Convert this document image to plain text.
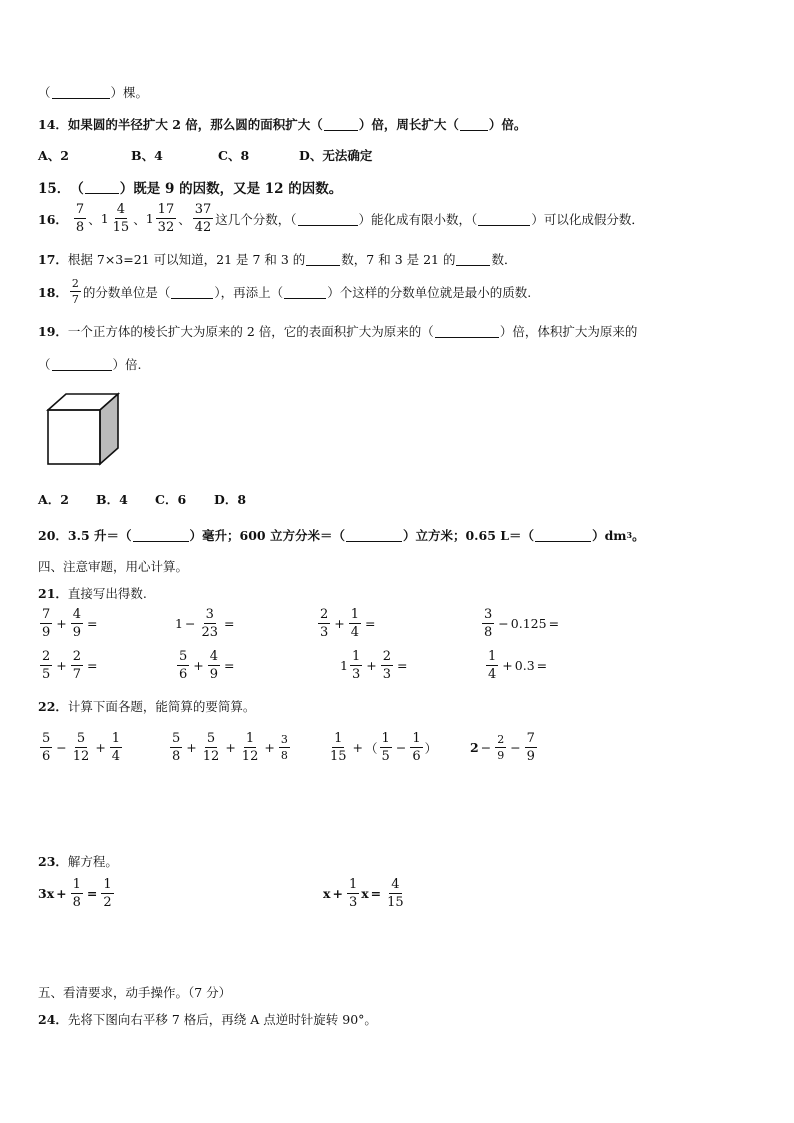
（	）棵。
14． 如果圆的半径扩大 2 倍，那么圆的面积扩大（	）倍，周长扩大（ ）倍。
A、2	B、4	C、8	D、无法确定
15． （	）既是 9 的因数，又是 12 的因数。
16． $\frac{7}{8}$ 、 $1 \frac{4}{15}$ 、 $1 \frac{17}{32}$ 、 $\frac{37}{42}$ 这几个分数，（	）能化成有限小数，（	）可以化成假分数．
17． 根据 7×3=21 可以知道，21 是 7 和 3 的	数，7 和 3 是 21 的	数．
18． $\frac{2}{7}$ 的分数单位是（	），再添上（	）个这样的分数单位就是最小的质数.
19． 一个正方体的棱长扩大为原来的 2 倍，它的表面积扩大为原来的（	）倍，体积扩大为原来的
（	）倍.
A．2 B．4 C．6 D．8
20． 3.5 升＝（	）毫升；600 立方分米＝（	）立方米；0.65 L＝（	）dm 3 。
四、注意审题，用心计算。
21． 直接写出得数.
$\frac{7}{9} + \frac{4}{9}$ =	$1 - \frac{3}{23}$ =	$\frac{2}{3} + \frac{1}{4}$ =	$\frac{3}{8} - 0.125$ =
$\frac{2}{5} + \frac{2}{7}$ =	$\frac{5}{6} + \frac{4}{9}$ =	$1 \frac{1}{3} + \frac{2}{3}$ =	$\frac{1}{4} + 0.3$ =
22． 计算下面各题，能简算的要简算。
$\frac{5}{6} - \frac{5}{12} + \frac{1}{4}$	$\frac{5}{8} + \frac{5}{12} + \frac{1}{12} + \frac{3}{8}$	$\frac{1}{15}$ + （ $\frac{1}{5} - \frac{1}{6}$ ）	$2 - \frac{2}{9} - \frac{7}{9}$
23． 解方程。
$3x + \frac{1}{8} = \frac{1}{2}$	$x + \frac{1}{3}$ $x = \frac{4}{15}$
五、看清要求，动手操作。（7 分）
24． 先将下图向右平移 7 格后，再绕 A 点逆时针旋转 90°。
